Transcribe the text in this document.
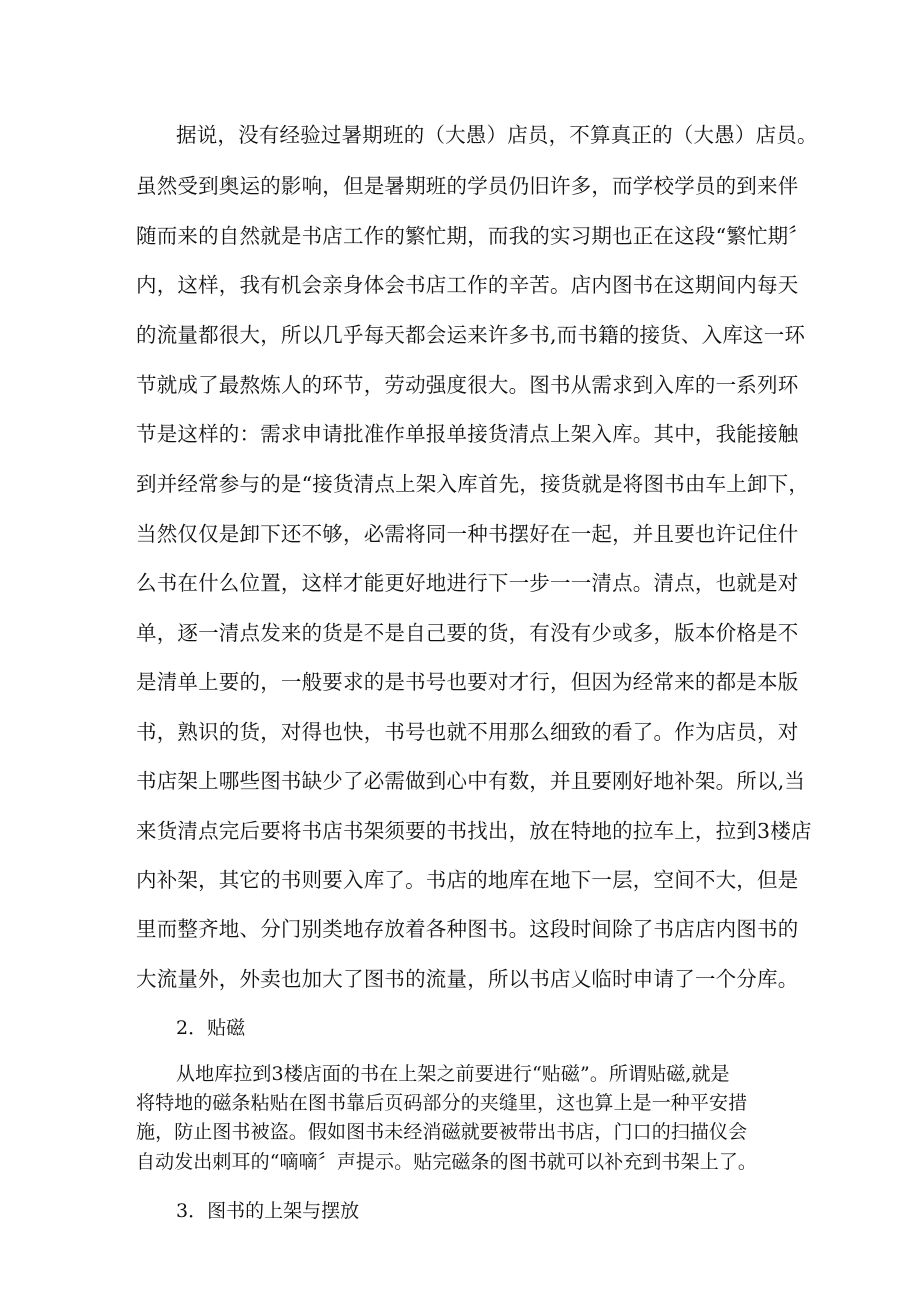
据说，没有经验过暑期班的（大愚）店员，不算真正的（大愚）店员。

虽然受到奥运的影响，但是暑期班的学员仍旧许多，而学校学员的到来伴

随而来的自然就是书店工作的繁忙期，而我的实习期也正在这段“繁忙期〞

内，这样，我有机会亲身体会书店工作的辛苦。店内图书在这期间内每天

的流量都很大，所以几乎每天都会运来许多书,而书籍的接货、入库这一环

节就成了最熬炼人的环节，劳动强度很大。图书从需求到入库的一系列环

节是这样的：需求申请批准作单报单接货清点上架入库。其中，我能接触

到并经常参与的是“接货清点上架入库首先，接货就是将图书由车上卸下，

当然仅仅是卸下还不够，必需将同一种书摆好在一起，并且要也许记住什

么书在什么位置，这样才能更好地进行下一步一一清点。清点，也就是对

单，逐一清点发来的货是不是自己要的货，有没有少或多，版本价格是不

是清单上要的，一般要求的是书号也要对才行，但因为经常来的都是本版

书，熟识的货，对得也快，书号也就不用那么细致的看了。作为店员，对

书店架上哪些图书缺少了必需做到心中有数，并且要刚好地补架。所以,当

来货清点完后要将书店书架须要的书找出，放在特地的拉车上，拉到3楼店

内补架，其它的书则要入库了。书店的地库在地下一层，空间不大，但是

里而整齐地、分门别类地存放着各种图书。这段时间除了书店店内图书的

大流量外，外卖也加大了图书的流量，所以书店乂临时申请了一个分库。

2．贴磁

从地库拉到3楼店面的书在上架之前要进行“贴磁”。所谓贴磁,就是

将特地的磁条粘贴在图书靠后页码部分的夹缝里，这也算上是一种平安措

施，防止图书被盗。假如图书未经消磁就要被带出书店，门口的扫描仪会

自动发出刺耳的“嘀嘀〞声提示。贴完磁条的图书就可以补充到书架上了。

3．图书的上架与摆放
